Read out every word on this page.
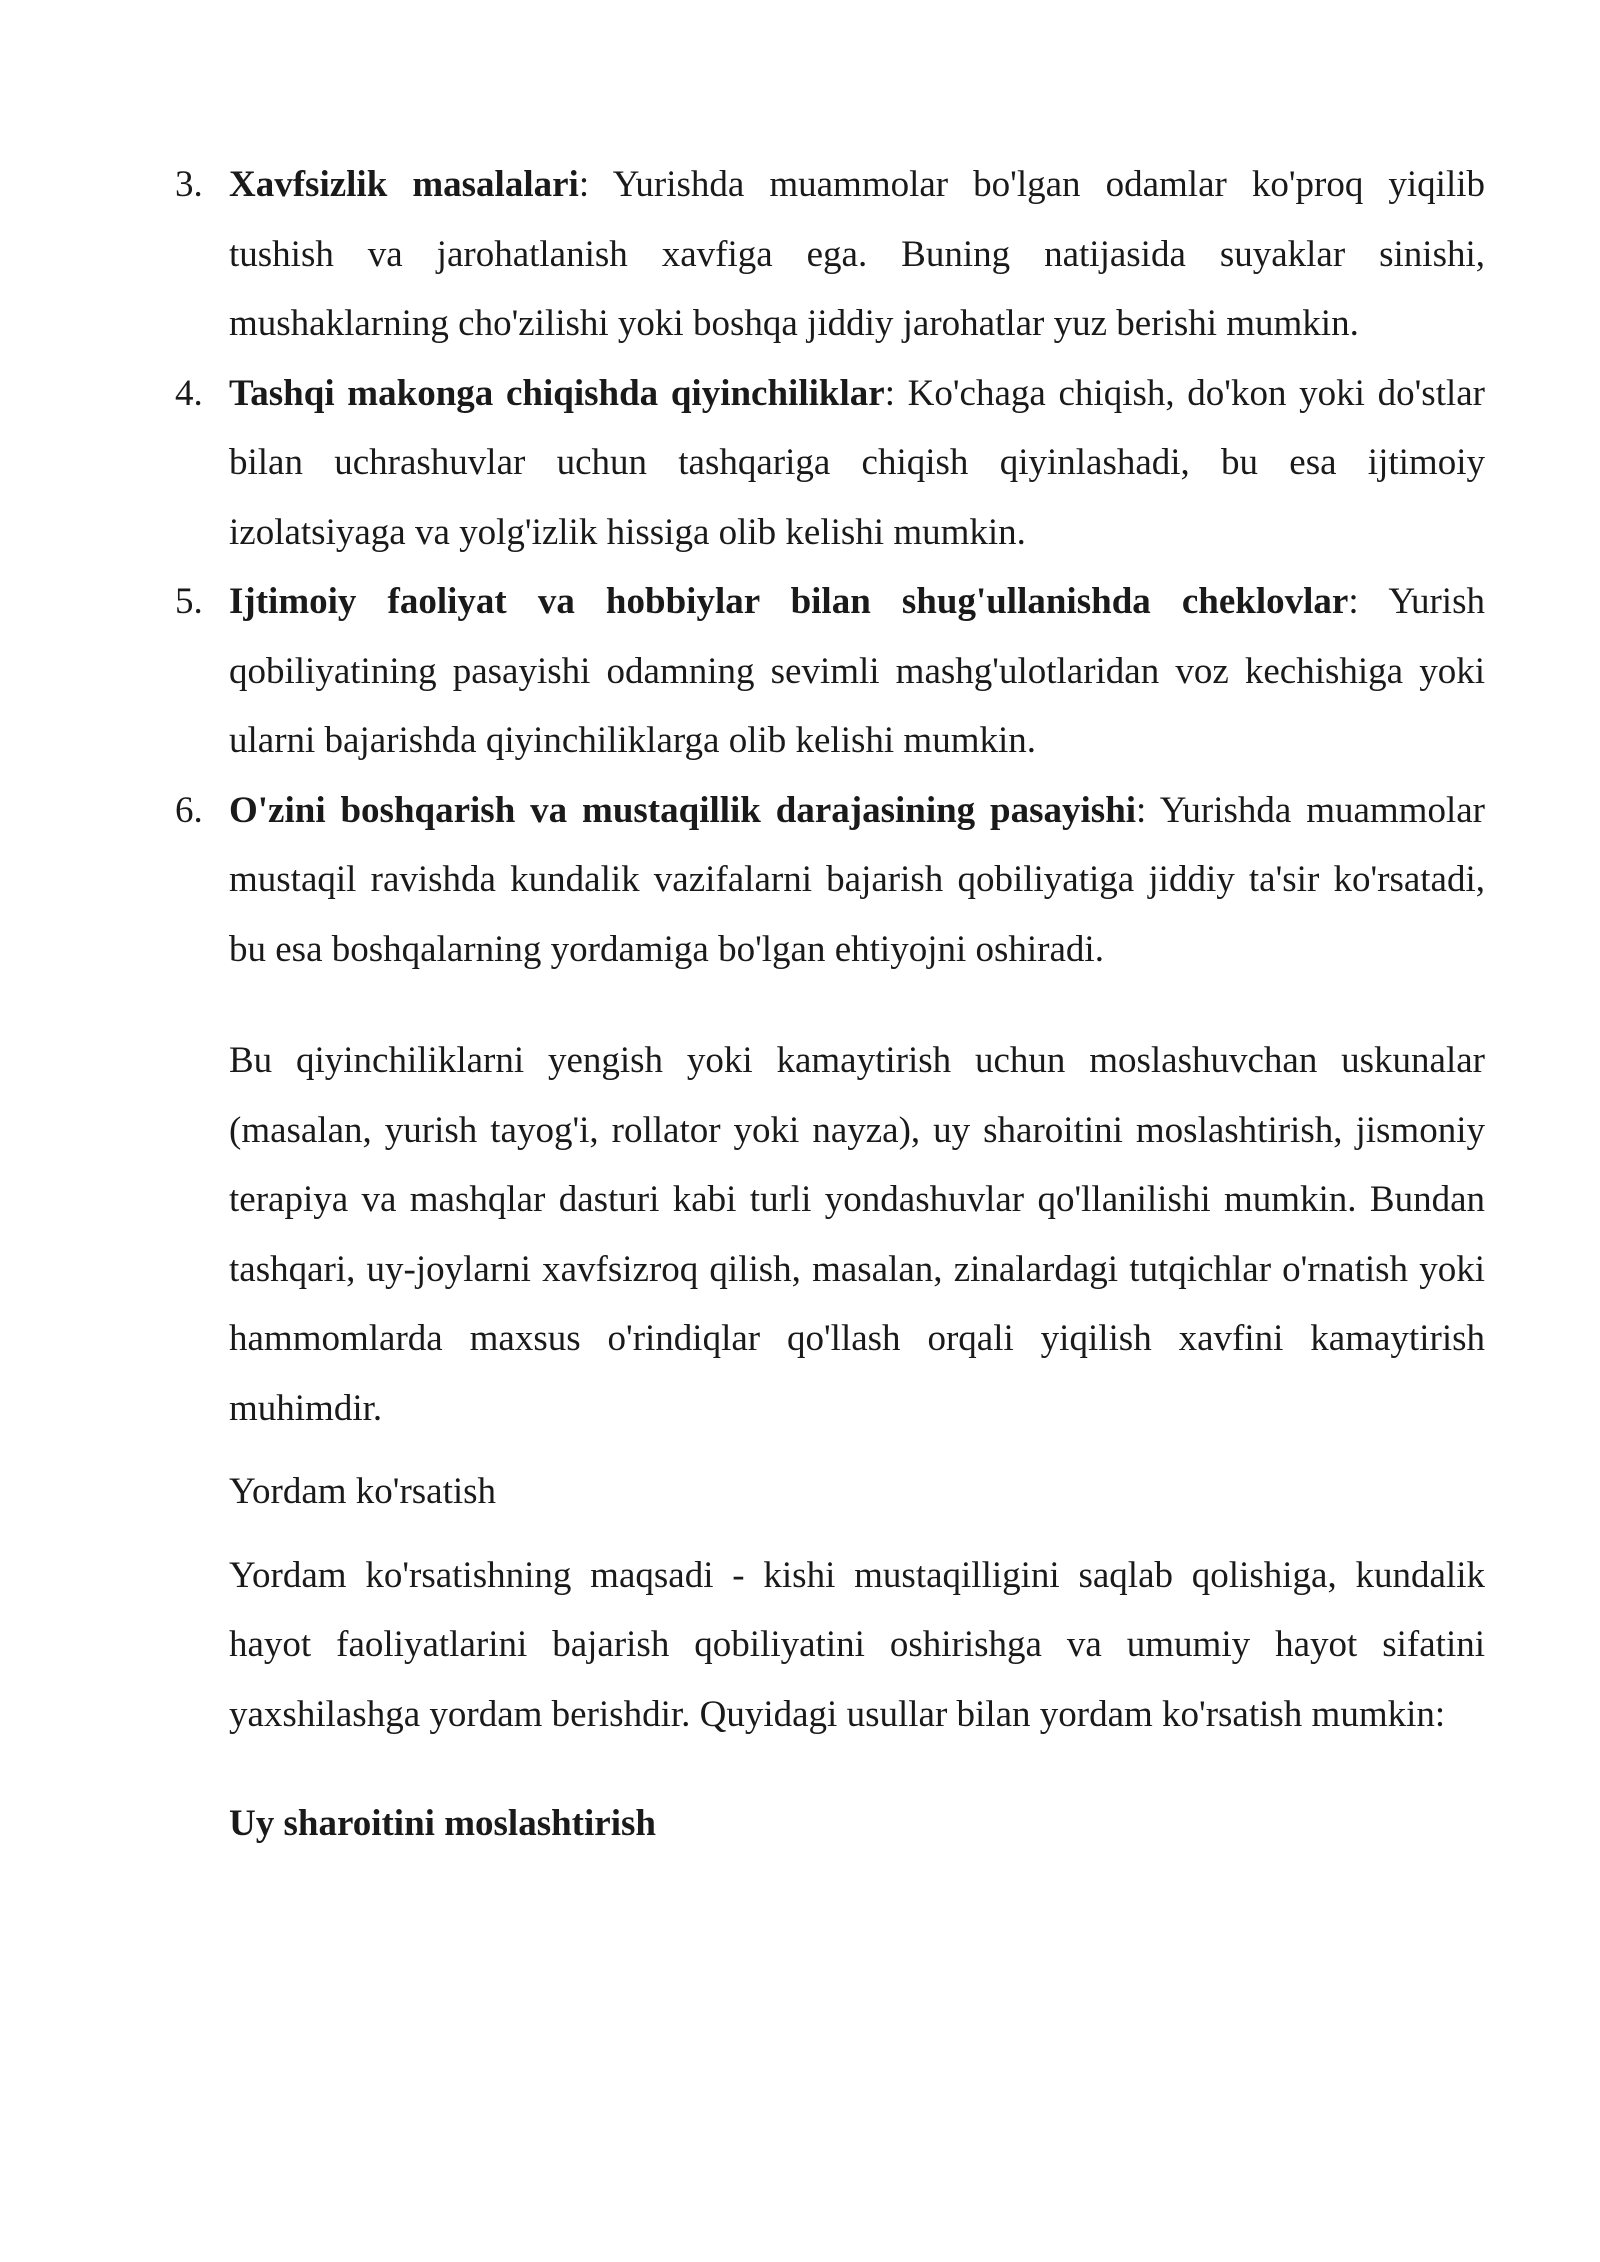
3. Xavfsizlik masalalari: Yurishda muammolar bo'lgan odamlar ko'proq yiqilib tushish va jarohatlanish xavfiga ega. Buning natijasida suyaklar sinishi, mushaklarning cho'zilishi yoki boshqa jiddiy jarohatlar yuz berishi mumkin.
4. Tashqi makonga chiqishda qiyinchiliklar: Ko'chaga chiqish, do'kon yoki do'stlar bilan uchrashuvlar uchun tashqariga chiqish qiyinlashadi, bu esa ijtimoiy izolatsiyaga va yolg'izlik hissiga olib kelishi mumkin.
5. Ijtimoiy faoliyat va hobbiylar bilan shug'ullanishda cheklovlar: Yurish qobiliyatining pasayishi odamning sevimli mashg'ulotlaridan voz kechishiga yoki ularni bajarishda qiyinchiliklarga olib kelishi mumkin.
6. O'zini boshqarish va mustaqillik darajasining pasayishi: Yurishda muammolar mustaqil ravishda kundalik vazifalarni bajarish qobiliyatiga jiddiy ta'sir ko'rsatadi, bu esa boshqalarning yordamiga bo'lgan ehtiyojni oshiradi.

Bu qiyinchiliklarni yengish yoki kamaytirish uchun moslashuvchan uskunalar (masalan, yurish tayog'i, rollator yoki nayza), uy sharoitini moslashtirish, jismoniy terapiya va mashqlar dasturi kabi turli yondashuvlar qo'llanilishi mumkin. Bundan tashqari, uy-joylarni xavfsizroq qilish, masalan, zinalardagi tutqichlar o'rnatish yoki hammomlarda maxsus o'rindiqlar qo'llash orqali yiqilish xavfini kamaytirish muhimdir.

Yordam ko'rsatish

Yordam ko'rsatishning maqsadi - kishi mustaqilligini saqlab qolishiga, kundalik hayot faoliyatlarini bajarish qobiliyatini oshirishga va umumiy hayot sifatini yaxshilashga yordam berishdir. Quyidagi usullar bilan yordam ko'rsatish mumkin:

Uy sharoitini moslashtirish
